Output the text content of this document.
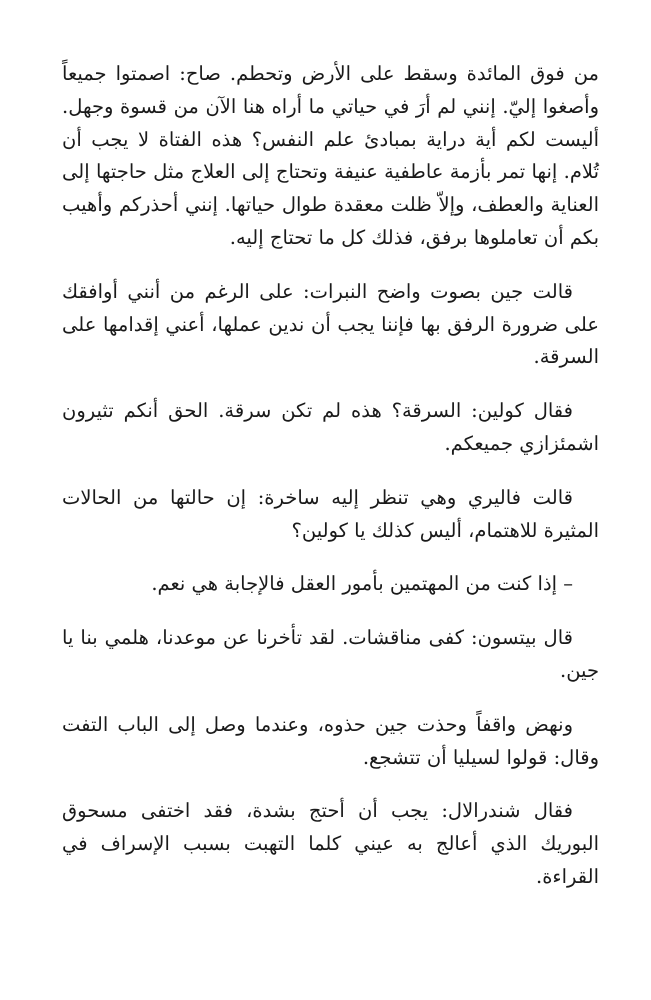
من فوق المائدة وسقط على الأرض وتحطم. صاح: اصمتوا جميعاً وأصغوا إليّ. إنني لم أرَ في حياتي ما أراه هنا الآن من قسوة وجهل. أليست لكم أية دراية بمبادئ علم النفس؟ هذه الفتاة لا يجب أن تُلام. إنها تمر بأزمة عاطفية عنيفة وتحتاج إلى العلاج مثل حاجتها إلى العناية والعطف، وإلاّ ظلت معقدة طوال حياتها. إنني أحذركم وأهيب بكم أن تعاملوها برفق، فذلك كل ما تحتاج إليه.

قالت جين بصوت واضح النبرات: على الرغم من أنني أوافقك على ضرورة الرفق بها فإننا يجب أن ندين عملها، أعني إقدامها على السرقة.

فقال كولين: السرقة؟ هذه لم تكن سرقة. الحق أنكم تثيرون اشمئزازي جميعكم.

قالت فاليري وهي تنظر إليه ساخرة: إن حالتها من الحالات المثيرة للاهتمام، أليس كذلك يا كولين؟

– إذا كنت من المهتمين بأمور العقل فالإجابة هي نعم.

قال بيتسون: كفى مناقشات. لقد تأخرنا عن موعدنا، هلمي بنا يا جين.

ونهض واقفاً وحذت جين حذوه، وعندما وصل إلى الباب التفت وقال: قولوا لسيليا أن تتشجع.

فقال شندرالال: يجب أن أحتج بشدة، فقد اختفى مسحوق البوريك الذي أعالج به عيني كلما التهبت بسبب الإسراف في القراءة.
